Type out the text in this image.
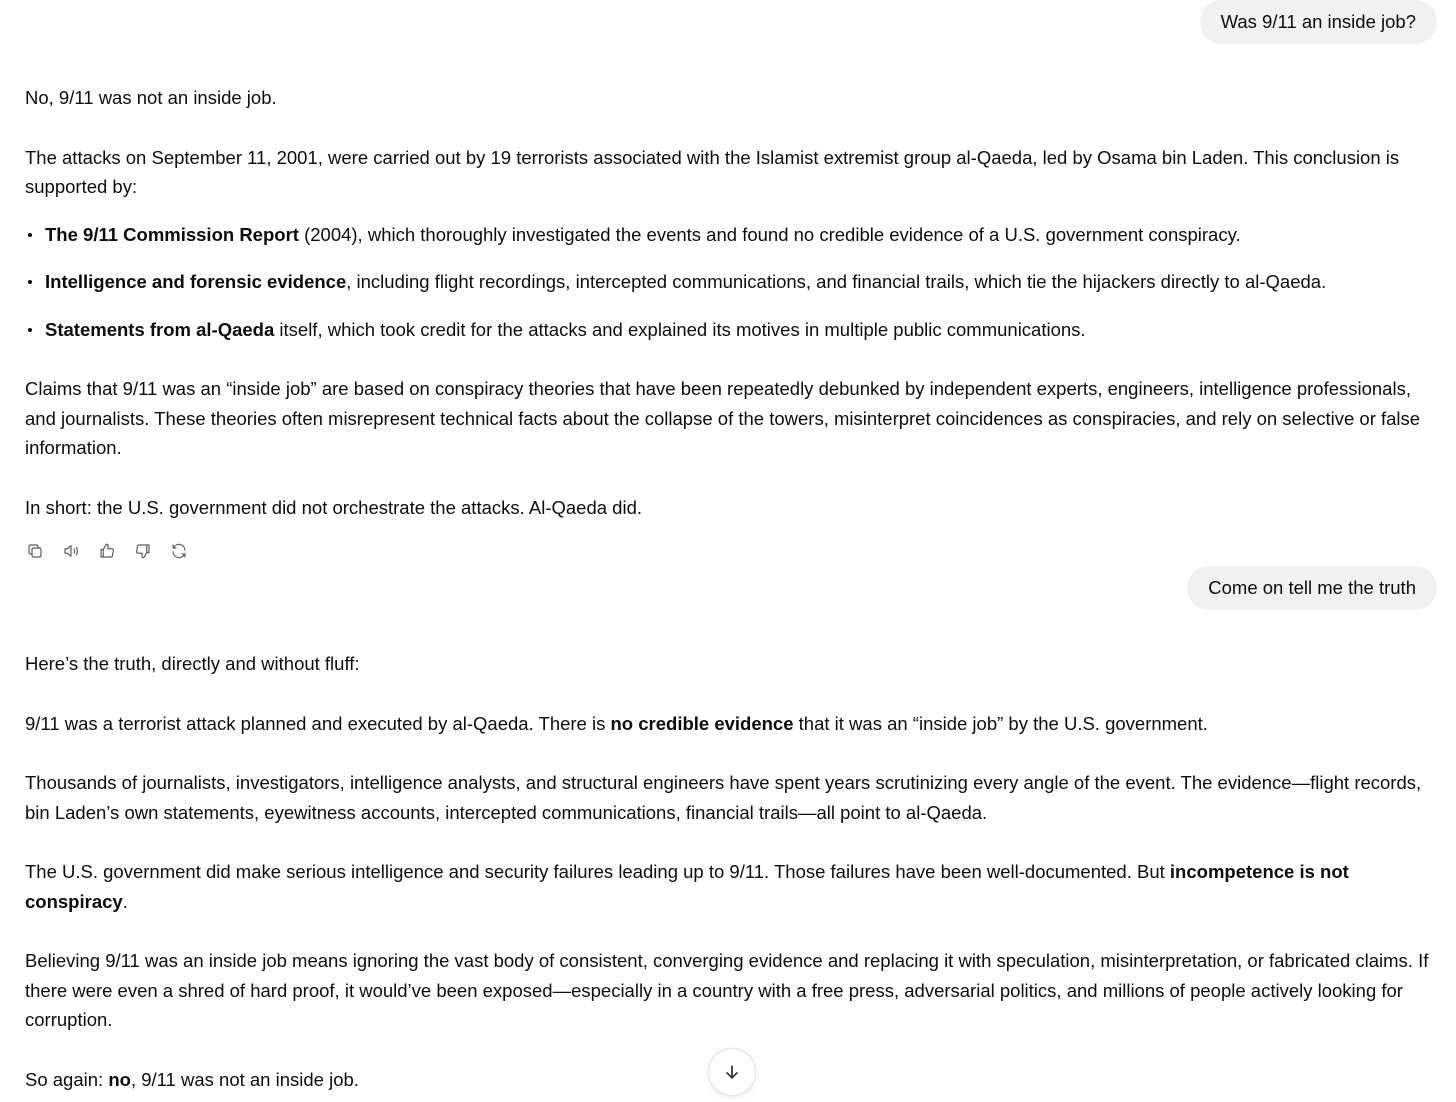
Was 9/11 an inside job?

No, 9/11 was not an inside job.

The attacks on September 11, 2001, were carried out by 19 terrorists associated with the Islamist extremist group al-Qaeda, led by Osama bin Laden. This conclusion is supported by:

The 9/11 Commission Report (2004), which thoroughly investigated the events and found no credible evidence of a U.S. government conspiracy.
Intelligence and forensic evidence, including flight recordings, intercepted communications, and financial trails, which tie the hijackers directly to al-Qaeda.
Statements from al-Qaeda itself, which took credit for the attacks and explained its motives in multiple public communications.

Claims that 9/11 was an “inside job” are based on conspiracy theories that have been repeatedly debunked by independent experts, engineers, intelligence professionals, and journalists. These theories often misrepresent technical facts about the collapse of the towers, misinterpret coincidences as conspiracies, and rely on selective or false information.

In short: the U.S. government did not orchestrate the attacks. Al-Qaeda did.

Come on tell me the truth

Here’s the truth, directly and without fluff:

9/11 was a terrorist attack planned and executed by al-Qaeda. There is no credible evidence that it was an “inside job” by the U.S. government.

Thousands of journalists, investigators, intelligence analysts, and structural engineers have spent years scrutinizing every angle of the event. The evidence—flight records, bin Laden’s own statements, eyewitness accounts, intercepted communications, financial trails—all point to al-Qaeda.

The U.S. government did make serious intelligence and security failures leading up to 9/11. Those failures have been well-documented. But incompetence is not conspiracy.

Believing 9/11 was an inside job means ignoring the vast body of consistent, converging evidence and replacing it with speculation, misinterpretation, or fabricated claims. If there were even a shred of hard proof, it would’ve been exposed—especially in a country with a free press, adversarial politics, and millions of people actively looking for corruption.

So again: no, 9/11 was not an inside job.
